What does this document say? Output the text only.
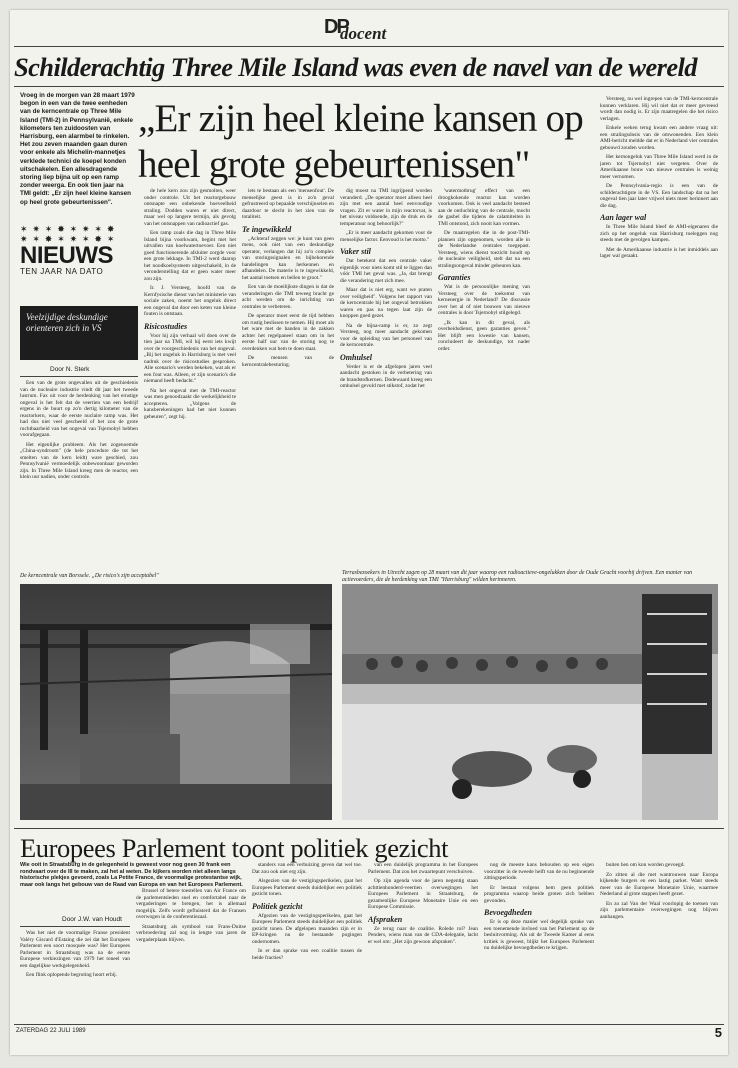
DP
docent
Schilderachtig Three Mile Island was even de navel van de wereld
Vroeg in de morgen van 28 maart 1979 begon in een van de twee eenheden van de kerncentrale op Three Mile Island (TMI-2) in Pennsylvanië, enkele kilometers ten zuidoosten van Harrisburg, een alarmbel te rinkelen. Het zou zeven maanden gaan duren voor enkele als Michelin-mannetjes verklede technici de koepel konden uitschakelen. Een allesdragende storing liep bijna uit op een ramp zonder weerga. En ook tien jaar na TMI geldt: „Er zijn heel kleine kansen op heel grote gebeurtenissen".
„Er zijn heel kleine kansen op heel grote gebeurtenissen"
✶ ✷ ✶ ✸ ✶ ✷ ✶ ✸
✷ ✶ ✸ ✶ ✷ ✶ ✸ ✶
NIEUWS
TEN JAAR NA DATO
Veelzijdige deskundige orienteren zich in VS
Door N. Sterk

Een van de grote ongevallen uit de geschiedenis van de nucleaire industrie vindt dit jaar het tweede lustrum. Fax uit voor de herdenking van het ernstige ongeval is het feit dat de veertien van een bedrijf ergens in de buurt op zo'n dertig kilometer van de reactorkern, waar de eerste nuclaire ramp was. Het had dus niet veel gescheeld of het zou de grote ruchtbaarheid van het ongeval van Tsjernobyl hebben voorafgegaan.

Het eigenlijke probleem. Als het zogenoemde „China-syndroom" (de hele procedure die tot het smelten van de kern leidt) ware geschied, zou Pennsylvanië vermoedelijk onbewoonbaar geworden zijn. In Three Mile Island kreeg men de reactor, een klein uur nadien, onder controle.

de hele kern zou zijn gesmolten, weer onder controle. Uit het reactorgebouw ontsnapte een onbekende hoeveelheid straling. Dodden waren er niet direct, maar wel op langere termijn, als gevolg van het ontsnappen van radioactief gas.

Een ramp zoals die dag in Three Mile Island bijna voorkwam, begint met het uitvallen van koelwatertoevoer. Een niet goed functionerende afsluiter zorgde voor een grote lekkage. In TMI-2 werd daarop het noodkoelsysteem uitgeschakeld, in de veronderstelling dat er geen water meer zou zijn.

Ir. J. Versteeg, hoofd van de Kernfysische dienst van het ministerie van sociale zaken, noemt het ongeluk direct een ongeval dat door een keten van kleine fouten is ontstaan.

Risicostudies

Voor hij zijn verhaal wil doen over de tien jaar na TMI, wil hij eerst iets kwijt over de voorgeschiedenis van het ongeval. „Bij het ongeluk in Harrisburg is met veel nadruk over de risicostudies gesproken. Alle scenario's werden bekeken, wat als er een fout was. Alleen, er zijn scenario's die niemand heeft bedacht."

Na het ongeval met de TMI-reactor was men genoodzaakt die werkelijkheid te accepteren. „Volgens de kansberekeningen had het niet kunnen gebeuren", zegt hij.

iets te bestaan als een 'mensenfout'. De menselijke geest is in zo'n geval gefrustreerd op bepaalde verschijnselen en daardoor te slecht in het zien van de totaliteit.

Te ingewikkeld

„Achteraf zeggen we: je kunt van geen mens, ook niet van een deskundige operator, verlangen dat hij zo'n complex van storingssignalen en bijbehorende handelingen kan herkennen en afhandelen. De materie is te ingewikkeld, het aantal toetsen en bellen te groot."

Een van de moeilijkste dingen is dat de veranderingen die TMI teweeg bracht ge acht werden om de inrichting van centrales te verbeteren.

De operator moet eerst de tijd hebben om rustig beslissen te nemen. Hij moet als het ware met de handen in de zakken achter het regelpaneel staan om in het eerste half uur van de storing nog te overdenken wat hem te doen staat.

De mensen van de kerncentralebesturing.

dig moest na TMI ingrijpend worden veranderd. „De operator moet alleen heel zijn met een aantal heel eenvoudige vragen. Zit er water in mijn reactorvat, is het niveau voldoende, zijn de druk en de temperatuur nog behoorlijk?"

„Er is meer aandacht gekomen voor de menselijke factor. Eenvoud is het motto."

Vaker stil

Dat betekent dat een centrale vaker eigenlijk voor niets komt stil te liggen dan vóór TMI het geval was. „Ja, dat brengt die verandering met zich mee.

Maar dat is niet erg, want we praten over veiligheid". Volgens het rapport van de kerncentrale bij het ongeval betrokken waren en pas na tegen laat zijn de knoppen goed gezet.

Na de bijna-ramp is er, zo zegt Versteeg, nog meer aandacht gekomen voor de opleiding van het personeel van de kerncentrale.

Omhulsel

Verder is er de afgelopen jaren veel aandacht gestoken in de verbetering van de brandstofkernen. Dodewaard kreeg een omhulsel gevuld met stikstof, zodat het

'watermotbrug' effect van een droogkokende reactor kan worden voorkomen. Ook is veel aandacht besteed aan de ontluchting van de centrale, mocht de gasbel die tijdens de calamiteiten in TMI ontstond, zich nooit kan vormen.

De maatregelen die in de post-TMI-plannen zijn opgenomen, worden alle in de Nederlandse centrales toegepast. Versteeg, wiens dienst toezicht houdt op de nucleaire veiligheid, stelt dat na een stralingsongeval minder gebeuren kan.

Garanties

Wat is de persoonlijke mening van Versteeg over de toekomst van kernenergie in Nederland? De discussie over het al of niet bouwen van nieuwe centrales is door Tsjernobyl stilgelegd.

„Ik kan in dit geval, als overheidsdienst, geen garanties geven." Het blijft een kwestie van kansen, concludeert de deskundige, tot nader order.

Versteeg, nu wel ingrepen van de TMI-kerncentrale kunnen verklaren. Hij wil niet dat er meer gevreesd wordt dan nodig is. Er zijn maatregelen die het risico verlagen.

Enkele weken terug kwam een andere vraag uit: een stralingsdosis van de omwonenden. Een klein AMI-bericht meldde dat er in Nederland vier centrales gebouwd zouden worden.

Het kernongeluk van Three Mile Island werd in de jaren tot Tsjernobyl niet vergeten. Over de Amerikaanse bouw van nieuwe centrales is weinig meer vernomen.

De Pennsylvania-regio is een van de schilderachtigste in de VS. Een landschap dat na het ongeval tien jaar later vrijwel niets meer herinnert aan die dag.

Aan lager wal

In Three Mile Island bleef de AMI-eigenaren die zich op het ongeluk van Harrisburg toeleggen nog steeds met de gevolgen kampen.

Met de Amerikaanse industrie is het inmiddels aan lager wal geraakt.

De kerncentrale van Borssele. „De risico's zijn acceptabel"	Terrasbezoekers in Utrecht zagen op 28 maart van dit jaar waarop een radioactieve-ongelukken door de Oude Gracht voorbij drijven. Een manier van actievoerders, die de herdenking van TMI "Harrisburg" wilden herinneren.
Europees Parlement toont politiek gezicht
Wie ooit in Straatsburg in de gelegenheid is geweest voor nog geen 30 frank een rondvaart over de Ill te maken, zal het al weten. De kijkers worden niet alleen langs historische plekjes gevoerd, zoals La Petite France, de voormalige protestantse wijk, maar ook langs het gebouw van de Raad van Europa en van het Europees Parlement.
Door J.W. van Houdt

Was het niet de voormalige Franse president Valéry Giscard d'Estaing die zei dat het Europees Parlement een soort mosquée was? Het Europees Parlement in Straatsburg was na de eerste Europese verkiezingen van 1979 het toneel van een dagelijkse werkgelegenheid.

Een flink oplopende begroting hoort erbij.

Brussel of betere toestellen van Air France om de parlementsleden snel en comfortabel naar de vergaderingen te brengen, het is allemaal mogelijk. Zelfs wordt gefluisterd dat de Fransen overwogen in de conferentiezaal.

Straatsburg als symbool van Frans-Duitse verbroedering zal nog in lengte van jaren de vergaderplaats blijven.

standers van een verbuizing geven dat wel toe. Dat zou ook niet erg zijn.

Alsgezien van de vestigingsperikelen, gaat het Europees Parlement steeds duidelijker een politiek gezicht tonen.

Politiek gezicht

Afgezien van de vestigingsperikelen, gaat het Europees Parlement steeds duidelijker een politiek gezicht tonen. De afgelopen maanden zijn er in EP-kringen nu de bestaande pogingen ondernomen.

In er dan sprake van een coalitie tussen de beide fracties?

van een duidelijk programma in het Europees Parlement. Dat zou het zwaartepunt verschuiven.

Op zijn agenda voor de jaren negentig staan achttienhonderd-veertien overwegingen het Europees Parlement in Straatsburg, de gezamenlijke Europese Monetaire Unie en een Europese Commissie.

Afspraken

Ze terug naar de coalitie. Rolede rol? Jean Penders, wiens man van de CDA-delegatie, lacht er wel om: „Het zijn gewoon afspraken".

nog de meeste kans behouden op een eigen voorzitter in de tweede helft van de nu beginnende zittingsperiode.

Er bestaat volgens hem geen politiek programma waarop beide groten zich hebben gevonden.

Bevoegdheden

Er is op deze manier wel degelijk sprake van een toenemende invloed van het Parlement op de besluitvorming. Als uit de Tweede Kamer al eens kritiek is geweest, blijkt het Europees Parlement nu duidelijke bevoegdheden te krijgen.

buiten hen om kon worden gevoegd.

Zo zitten al die met wantrouwen naar Europa kijkende burgers en een lastig parket. Want steeds meer van de Europese Monetaire Unie, waarmee Nederland al grote stappen heeft gezet.

En zo zal Van der Waal voorlopig de toetsen van zijn parlementaire overwegingen nog blijven aanhangen.

ZATERDAG 22 JULI 1989	5
